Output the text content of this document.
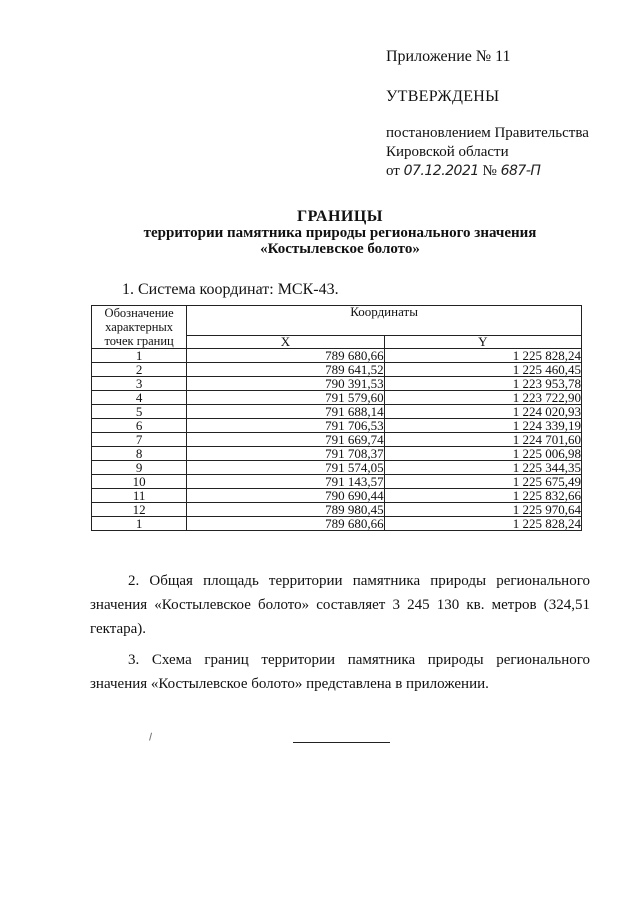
Приложение № 11
УТВЕРЖДЕНЫ
постановлением Правительства
Кировской области
от 07.12.2021 № 687-П
ГРАНИЦЫ
территории памятника природы регионального значения
«Костылевское болото»
1. Система координат: МСК-43.
Обозначение характерных точек границ	Координаты	
	X	Y
1	789 680,66	1 225 828,24
2	789 641,52	1 225 460,45
3	790 391,53	1 223 953,78
4	791 579,60	1 223 722,90
5	791 688,14	1 224 020,93
6	791 706,53	1 224 339,19
7	791 669,74	1 224 701,60
8	791 708,37	1 225 006,98
9	791 574,05	1 225 344,35
10	791 143,57	1 225 675,49
11	790 690,44	1 225 832,66
12	789 980,45	1 225 970,64
1	789 680,66	1 225 828,24
2. Общая площадь территории памятника природы регионального значения «Костылевское болото» составляет 3 245 130 кв. метров (324,51 гектара).
3. Схема границ территории памятника природы регионального значения «Костылевское болото» представлена в приложении.
